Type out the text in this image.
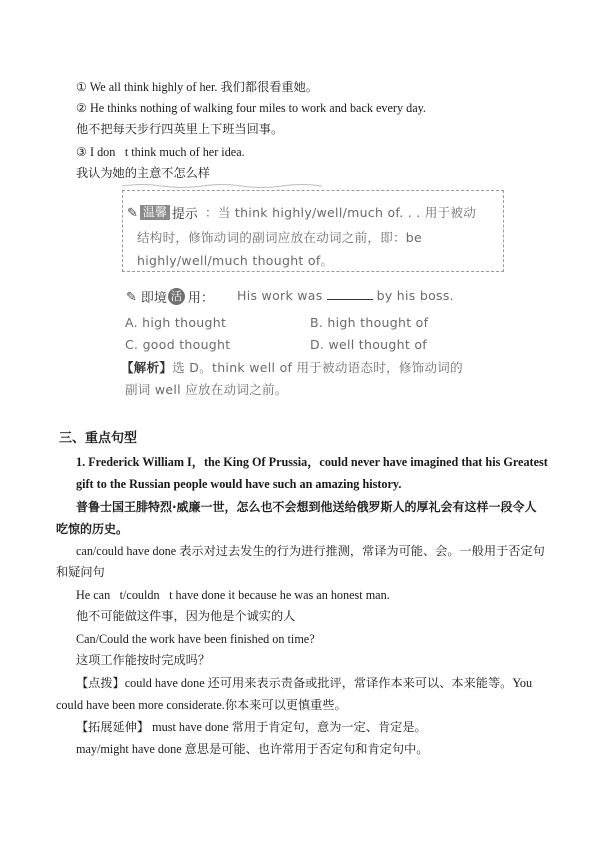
① We all think highly of her. 我们都很看重她。
② He thinks nothing of walking four miles to work and back every day.
他不把每天步行四英里上下班当回事。
③ I don t think much of her idea.
我认为她的主意不怎么样
✎ 温馨 提示 ：当 think highly/well/much of. . . 用于被动
结构时，修饰动词的副词应放在动词之前，即：be
highly/well/much thought of。
✎ 即境 活 用： His work was	by his boss.
A. high thought	B. high thought of
C. good thought	D. well thought of
【解析】选 D。think well of 用于被动语态时，修饰动词的
副词 well 应放在动词之前。
三、重点句型
1. Frederick William I，the King Of Prussia，could never have imagined that his Greatest
gift to the Russian people would have such an amazing history.
普鲁士国王腓特烈·威廉一世，怎么也不会想到他送给俄罗斯人的厚礼会有这样一段令人
吃惊的历史。
can/could have done 表示对过去发生的行为进行推测，常译为可能、会。一般用于否定句
和疑问句
He can t/couldn t have done it because he was an honest man.
他不可能做这件事，因为他是个诚实的人
Can/Could the work have been finished on time?
这项工作能按时完成吗？
【点拨】could have done 还可用来表示责备或批评，常译作本来可以、本来能等。You
could have been more considerate.你本来可以更慎重些。
【拓展延伸】 must have done 常用于肯定句，意为一定、肯定是。
may/might have done 意思是可能、也许常用于否定句和肯定句中。
